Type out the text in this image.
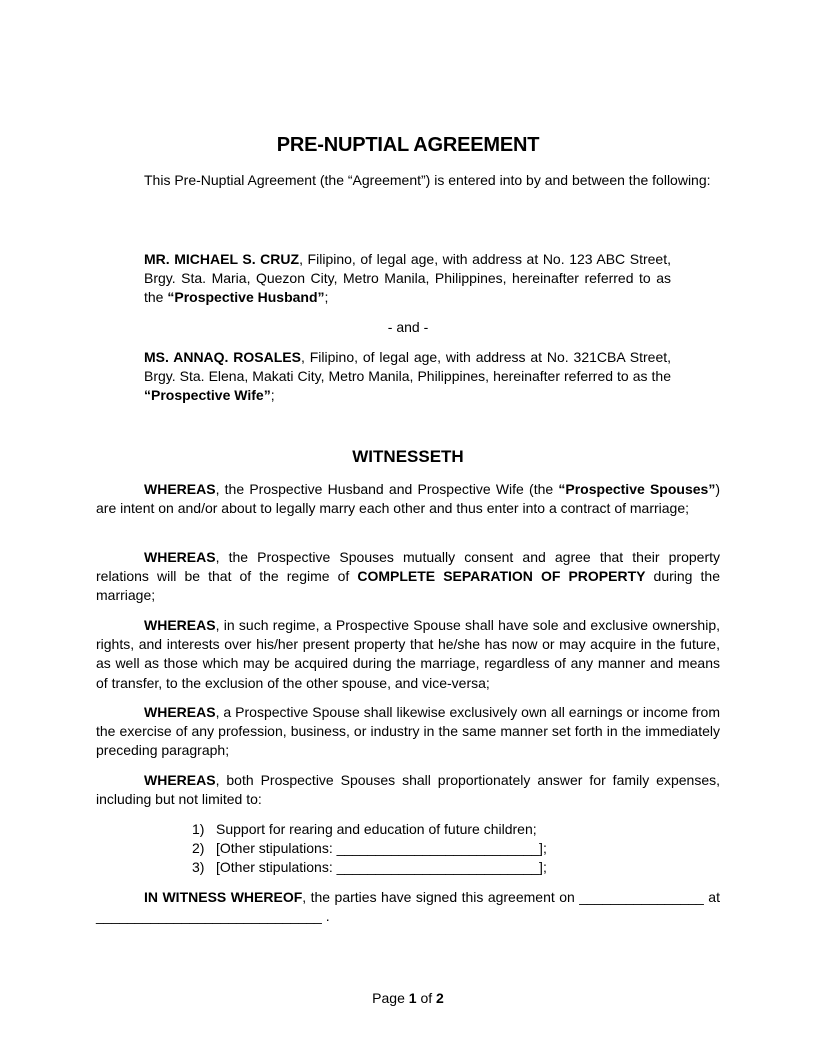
PRE-NUPTIAL AGREEMENT

This Pre-Nuptial Agreement (the “Agreement”) is entered into by and between the following:

MR. MICHAEL S. CRUZ, Filipino, of legal age, with address at No. 123 ABC Street, Brgy. Sta. Maria, Quezon City, Metro Manila, Philippines, hereinafter referred to as the “Prospective Husband”;

- and -

MS. ANNAQ. ROSALES, Filipino, of legal age, with address at No. 321CBA Street, Brgy. Sta. Elena, Makati City, Metro Manila, Philippines, hereinafter referred to as the “Prospective Wife”;

WITNESSETH

WHEREAS, the Prospective Husband and Prospective Wife (the “Prospective Spouses”) are intent on and/or about to legally marry each other and thus enter into a contract of marriage;

WHEREAS, the Prospective Spouses mutually consent and agree that their property relations will be that of the regime of COMPLETE SEPARATION OF PROPERTY during the marriage;

WHEREAS, in such regime, a Prospective Spouse shall have sole and exclusive ownership, rights, and interests over his/her present property that he/she has now or may acquire in the future, as well as those which may be acquired during the marriage, regardless of any manner and means of transfer, to the exclusion of the other spouse, and vice-versa;

WHEREAS, a Prospective Spouse shall likewise exclusively own all earnings or income from the exercise of any profession, business, or industry in the same manner set forth in the immediately preceding paragraph;

WHEREAS, both Prospective Spouses shall proportionately answer for family expenses, including but not limited to:

1) Support for rearing and education of future children;
2) [Other stipulations: __________________________];
3) [Other stipulations: __________________________];

IN WITNESS WHEREOF, the parties have signed this agreement on ________________ at _____________________________ .

Page 1 of 2
